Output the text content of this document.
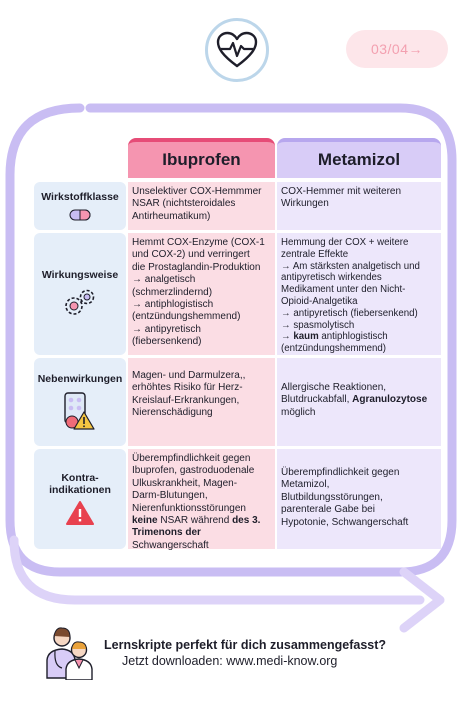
03/04 →
Ibuprofen	Metamizol
Wirkstoffklasse Unselektiver COX-Hemmmer
NSAR (nichtsteroidales
Antirheumatikum)
COX-Hemmer mit weiteren
Wirkungen
Wirkungsweise
Hemmt COX-Enzyme (COX-1
und COX-2) und verringert
die Prostaglandin-Produktion
→ analgetisch
(schmerzlindernd)
→ antiphlogistisch
(entzündungshemmend)
→ antipyretisch
(fiebersenkend)
Hemmung der COX + weitere
zentrale Effekte
→ Am stärksten analgetisch und
antipyretisch wirkendes
Medikament unter den Nicht-
Opioid-Analgetika
→ antipyretisch (fiebersenkend)
→ spasmolytisch
→ kaum antiphlogistisch
(entzündungshemmend)
Nebenwirkungen Magen- und Darmulzera,,
erhöhtes Risiko für Herz-
Kreislauf-Erkrankungen,
Nierenschädigung
Allergische Reaktionen,
Blutdruckabfall, Agranulozytose
möglich
Kontra-
indikationen
Überempfindlichkeit gegen
Ibuprofen, gastroduodenale
Ulkuskrankheit, Magen-
Darm-Blutungen,
Nierenfunktionsstörungen
keine NSAR während des 3.
Trimenons der
Schwangerschaft
Überempfindlichkeit gegen
Metamizol,
Blutbildungsstörungen,
parenterale Gabe bei
Hypotonie, Schwangerschaft
Lernskripte perfekt für dich zusammengefasst?
Jetzt downloaden: www.medi-know.org
